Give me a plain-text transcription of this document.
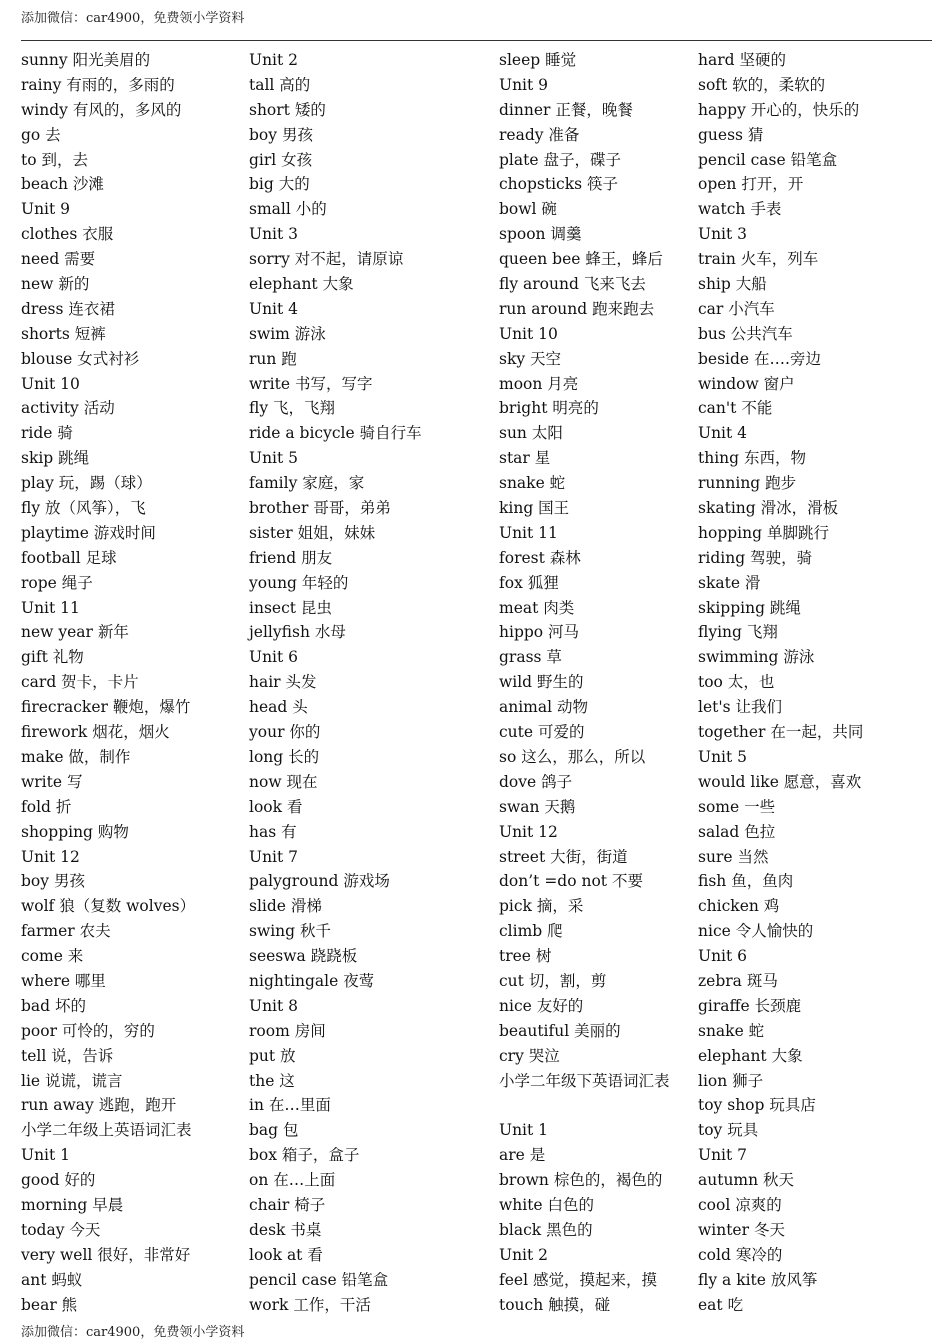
添加微信：car4900，免费领小学资料
sunny 阳光美眉的
rainy 有雨的，多雨的
windy 有风的，多风的
go 去
to 到，去
beach 沙滩
Unit 9
clothes 衣服
need 需要
new 新的
dress 连衣裙
shorts 短裤
blouse 女式衬衫
Unit 10
activity 活动
ride 骑
skip 跳绳
play 玩，踢（球）
fly 放（风筝），飞
playtime 游戏时间
football 足球
rope 绳子
Unit 11
new year 新年
gift 礼物
card 贺卡，卡片
firecracker 鞭炮，爆竹
firework 烟花，烟火
make 做，制作
write 写
fold 折
shopping 购物
Unit 12
boy 男孩
wolf 狼（复数 wolves）
farmer 农夫
come 来
where 哪里
bad 坏的
poor 可怜的，穷的
tell 说，告诉
lie 说谎，谎言
run away 逃跑，跑开
小学二年级上英语词汇表
Unit 1
good 好的
morning 早晨
today 今天
very well 很好，非常好
ant 蚂蚁
bear 熊
Unit 2
tall 高的
short 矮的
boy 男孩
girl 女孩
big 大的
small 小的
Unit 3
sorry 对不起，请原谅
elephant 大象
Unit 4
swim 游泳
run 跑
write 书写，写字
fly 飞，飞翔
ride a bicycle 骑自行车
Unit 5
family 家庭，家
brother 哥哥，弟弟
sister 姐姐，妹妹
friend 朋友
young 年轻的
insect 昆虫
jellyfish 水母
Unit 6
hair 头发
head 头
your 你的
long 长的
now 现在
look 看
has 有
Unit 7
palyground 游戏场
slide 滑梯
swing 秋千
seeswa 跷跷板
nightingale 夜莺
Unit 8
room 房间
put 放
the 这
in 在…里面
bag 包
box 箱子，盒子
on 在…上面
chair 椅子
desk 书桌
look at 看
pencil case 铅笔盒
work 工作，干活
sleep 睡觉
Unit 9
dinner 正餐，晚餐
ready 准备
plate 盘子，碟子
chopsticks 筷子
bowl 碗
spoon 调羹
queen bee 蜂王，蜂后
fly around 飞来飞去
run around 跑来跑去
Unit 10
sky 天空
moon 月亮
bright 明亮的
sun 太阳
star 星
snake 蛇
king 国王
Unit 11
forest 森林
fox 狐狸
meat 肉类
hippo 河马
grass 草
wild 野生的
animal 动物
cute 可爱的
so 这么，那么，所以
dove 鸽子
swan 天鹅
Unit 12
street 大街，街道
don’t =do not 不要
pick 摘，采
climb 爬
tree 树
cut 切，割，剪
nice 友好的
beautiful 美丽的
cry 哭泣
小学二年级下英语词汇表
Unit 1
are 是
brown 棕色的，褐色的
white 白色的
black 黑色的
Unit 2
feel 感觉，摸起来，摸
touch 触摸，碰
hard 坚硬的
soft 软的，柔软的
happy 开心的，快乐的
guess 猜
pencil case 铅笔盒
open 打开，开
watch 手表
Unit 3
train 火车，列车
ship 大船
car 小汽车
bus 公共汽车
beside 在….旁边
window 窗户
can't 不能
Unit 4
thing 东西，物
running 跑步
skating 滑冰，滑板
hopping 单脚跳行
riding 驾驶，骑
skate 滑
skipping 跳绳
flying 飞翔
swimming 游泳
too 太，也
let's 让我们
together 在一起，共同
Unit 5
would like 愿意，喜欢
some 一些
salad 色拉
sure 当然
fish 鱼，鱼肉
chicken 鸡
nice 令人愉快的
Unit 6
zebra 斑马
giraffe 长颈鹿
snake 蛇
elephant 大象
lion 狮子
toy shop 玩具店
toy 玩具
Unit 7
autumn 秋天
cool 凉爽的
winter 冬天
cold 寒冷的
fly a kite 放风筝
eat 吃
添加微信：car4900，免费领小学资料
